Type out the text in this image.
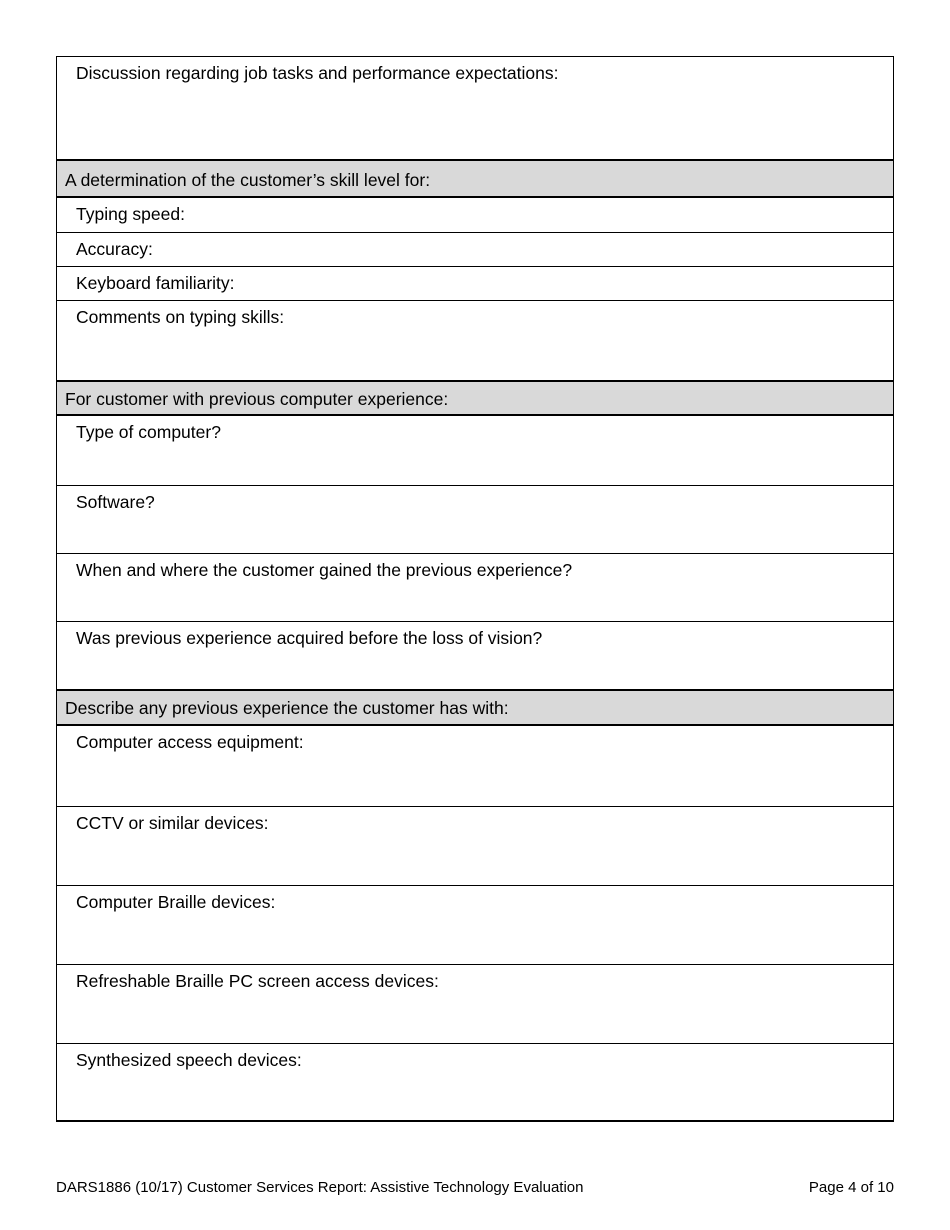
Discussion regarding job tasks and performance expectations:
A determination of the customer’s skill level for:
Typing speed:
Accuracy:
Keyboard familiarity:
Comments on typing skills:
For customer with previous computer experience:
Type of computer?
Software?
When and where the customer gained the previous experience?
Was previous experience acquired before the loss of vision?
Describe any previous experience the customer has with:
Computer access equipment:
CCTV or similar devices:
Computer Braille devices:
Refreshable Braille PC screen access devices:
Synthesized speech devices:
DARS1886 (10/17) Customer Services Report: Assistive Technology Evaluation	Page 4 of 10
